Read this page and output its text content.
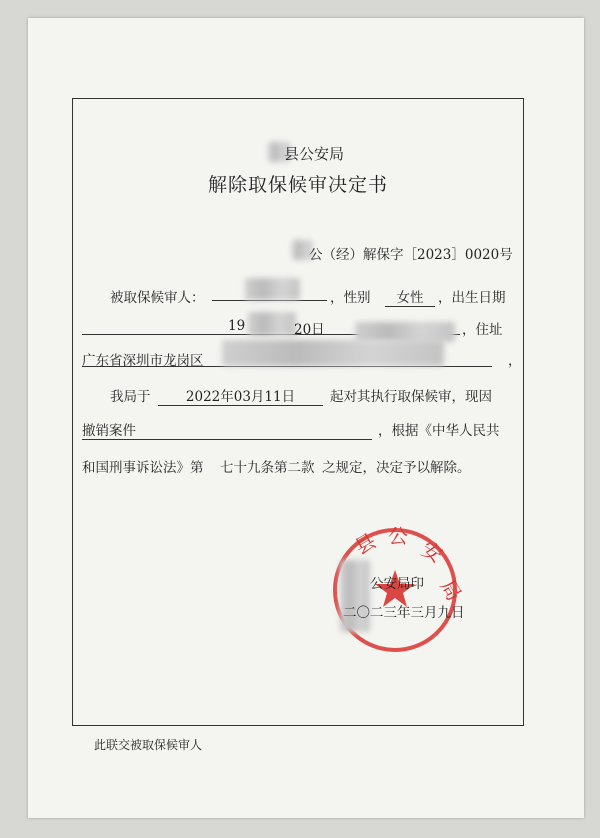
县公安局
解除取保候审决定书
公（经）解保字［2023］0020号
被取保候审人：	，性别	女性	，出生日期
19	20日	，住址
广东省深圳市龙岗区	，
我局于	2022年03月11日	起对其执行取保候审，现因
撤销案件	，根据《中华人民共
和国刑事诉讼法》第 七十九条第二款 之规定，决定予以解除。
县 公
安
局
公安局印
二〇二三年三月九日
此联交被取保候审人
